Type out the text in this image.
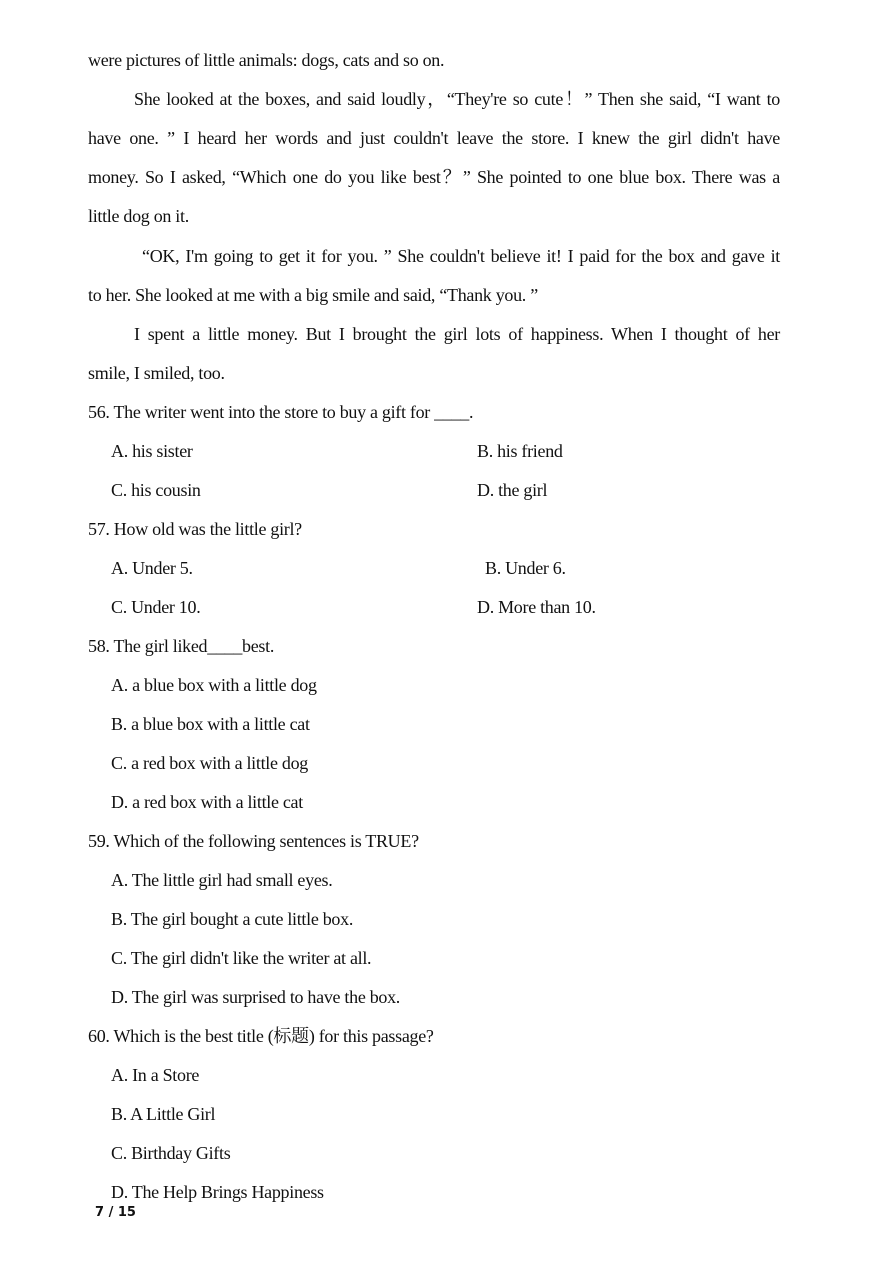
were pictures of little animals: dogs, cats and so on.
She looked at the boxes, and said loudly，“They're so cute！” Then she said, “I want to
have one. ” I heard her words and just couldn't leave the store. I knew the girl didn't have
money. So I asked, “Which one do you like best？” She pointed to one blue box. There was a
little dog on it.
“OK, I'm going to get it for you. ” She couldn't believe it! I paid for the box and gave it
to her. She looked at me with a big smile and said, “Thank you. ”
I spent a little money. But I brought the girl lots of happiness. When I thought of her
smile, I smiled, too.
56. The writer went into the store to buy a gift for ____.
A. his sister	B. his friend
C. his cousin	D. the girl
57. How old was the little girl?
A. Under 5.	B. Under 6.
C. Under 10.	D. More than 10.
58. The girl liked____best.
A. a blue box with a little dog
B. a blue box with a little cat
C. a red box with a little dog
D. a red box with a little cat
59. Which of the following sentences is TRUE?
A. The little girl had small eyes.
B. The girl bought a cute little box.
C. The girl didn't like the writer at all.
D. The girl was surprised to have the box.
60. Which is the best title (标题) for this passage?
A. In a Store
B. A Little Girl
C. Birthday Gifts
D. The Help Brings Happiness
7 / 15
